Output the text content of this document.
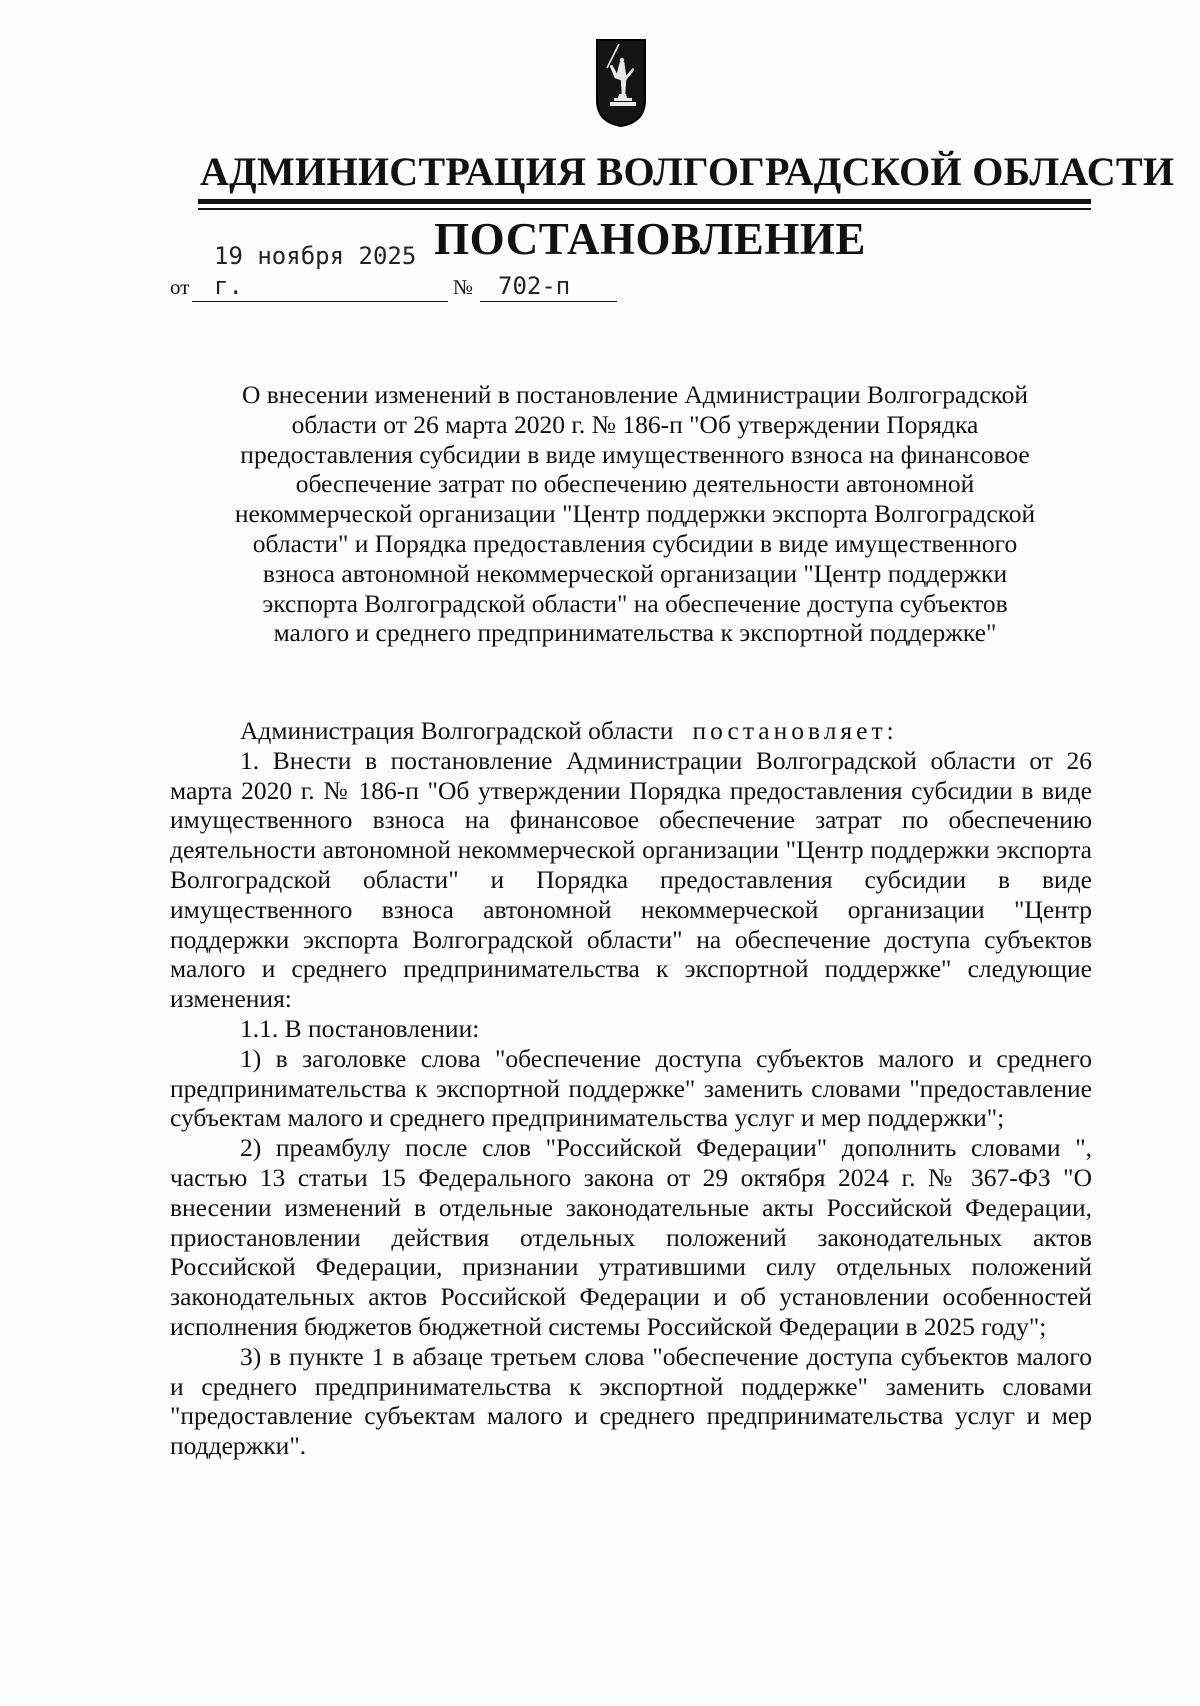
АДМИНИСТРАЦИЯ ВОЛГОГРАДСКОЙ ОБЛАСТИ
ПОСТАНОВЛЕНИЕ
от
19 ноября 2025 г.	№	702-п
О внесении изменений в постановление Администрации Волгоградской
области от 26 марта 2020 г. № 186-п "Об утверждении Порядка
предоставления субсидии в виде имущественного взноса на финансовое
обеспечение затрат по обеспечению деятельности автономной
некоммерческой организации "Центр поддержки экспорта Волгоградской
области" и Порядка предоставления субсидии в виде имущественного
взноса автономной некоммерческой организации "Центр поддержки
экспорта Волгоградской области" на обеспечение доступа субъектов
малого и среднего предпринимательства к экспортной поддержке"
Администрация Волгоградской области постановляет:

1. Внести в постановление Администрации Волгоградской области от 26 марта 2020 г. № 186-п "Об утверждении Порядка предоставления субсидии в виде имущественного взноса на финансовое обеспечение затрат по обеспечению деятельности автономной некоммерческой организации "Центр поддержки экспорта Волгоградской области" и Порядка предоставления субсидии в виде имущественного взноса автономной некоммерческой организации "Центр поддержки экспорта Волгоградской области" на обеспечение доступа субъектов малого и среднего предпринимательства к экспортной поддержке" следующие изменения:

1.1. В постановлении:

1) в заголовке слова "обеспечение доступа субъектов малого и среднего предпринимательства к экспортной поддержке" заменить словами "предоставление субъектам малого и среднего предпринимательства услуг и мер поддержки";

2) преамбулу после слов "Российской Федерации" дополнить словами ", частью 13 статьи 15 Федерального закона от 29 октября 2024 г. № 367-ФЗ "О внесении изменений в отдельные законодательные акты Российской Федерации, приостановлении действия отдельных положений законодательных актов Российской Федерации, признании утратившими силу отдельных положений законодательных актов Российской Федерации и об установлении особенностей исполнения бюджетов бюджетной системы Российской Федерации в 2025 году";

3) в пункте 1 в абзаце третьем слова "обеспечение доступа субъектов малого и среднего предпринимательства к экспортной поддержке" заменить словами "предоставление субъектам малого и среднего предпринимательства услуг и мер поддержки".
